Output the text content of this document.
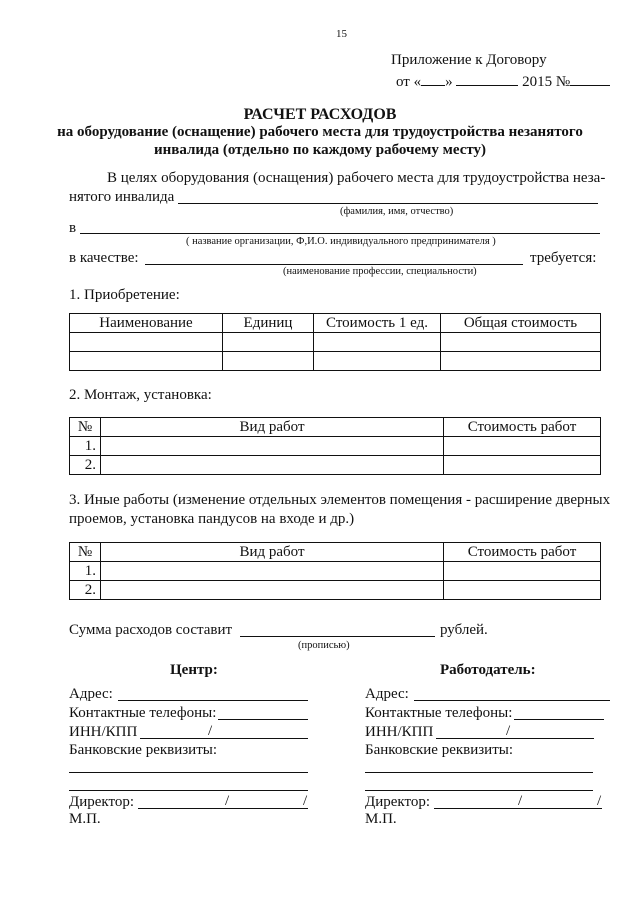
15
Приложение к Договору
от « »	2015 №
РАСЧЕТ РАСХОДОВ
на оборудование (оснащение) рабочего места для трудоустройства незанятого
инвалида (отдельно по каждому рабочему месту)
В целях оборудования (оснащения) рабочего места для трудоустройства неза-
нятого инвалида
(фамилия, имя, отчество)
в
( название организации, Ф,И.О. индивидуального предпринимателя )
в качестве:	требуется:
(наименование профессии, специальности)
1. Приобретение:
Наименование	Единиц	Стоимость 1 ед.	Общая стоимость

2. Монтаж, установка:
№	Вид работ	Стоимость работ
1.		
2.		
3. Иные работы (изменение отдельных элементов помещения - расширение дверных
проемов, установка пандусов на входе и др.)
№	Вид работ	Стоимость работ
1.		
2.		
Сумма расходов составит	рублей.
(прописью)
Центр:
Адрес:
Контактные телефоны:
ИНН/КПП	/
Банковские реквизиты:
Директор:	/	/
М.П.
Работодатель:
Адрес:
Контактные телефоны:
ИНН/КПП	/
Банковские реквизиты:
Директор:	/	/
М.П.
